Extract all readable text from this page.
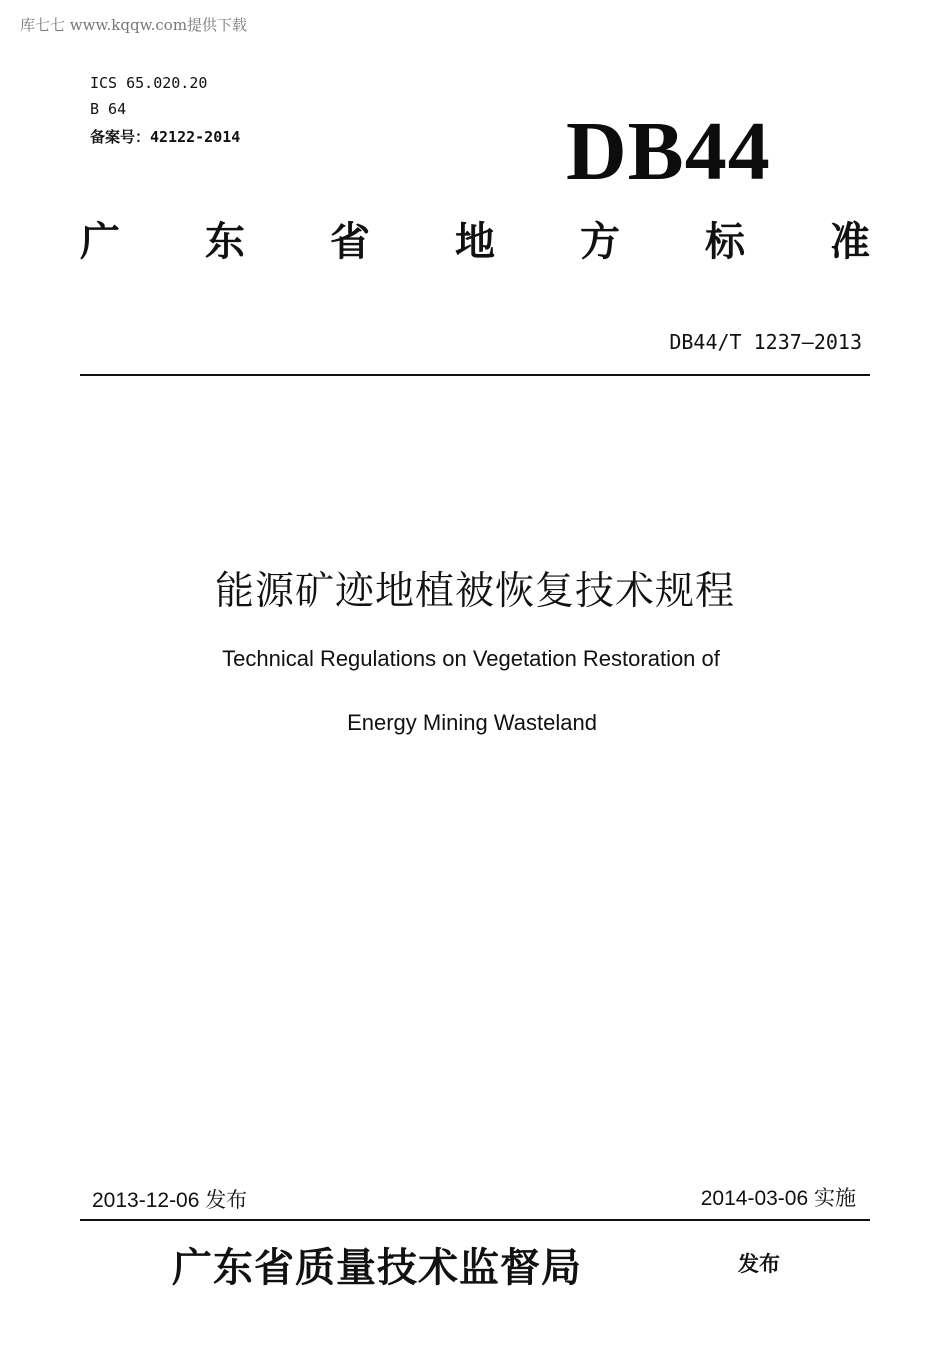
库七七 www.kqqw.com提供下载
ICS 65.020.20
B 64
备案号：42122-2014	DB44
广 东 省 地 方 标 准
DB44/T 1237—2013
能源矿迹地植被恢复技术规程
Technical Regulations on Vegetation Restoration of
Energy Mining Wasteland
2013-12-06 发布	2014-03-06 实施
广东省质量技术监督局	发布
